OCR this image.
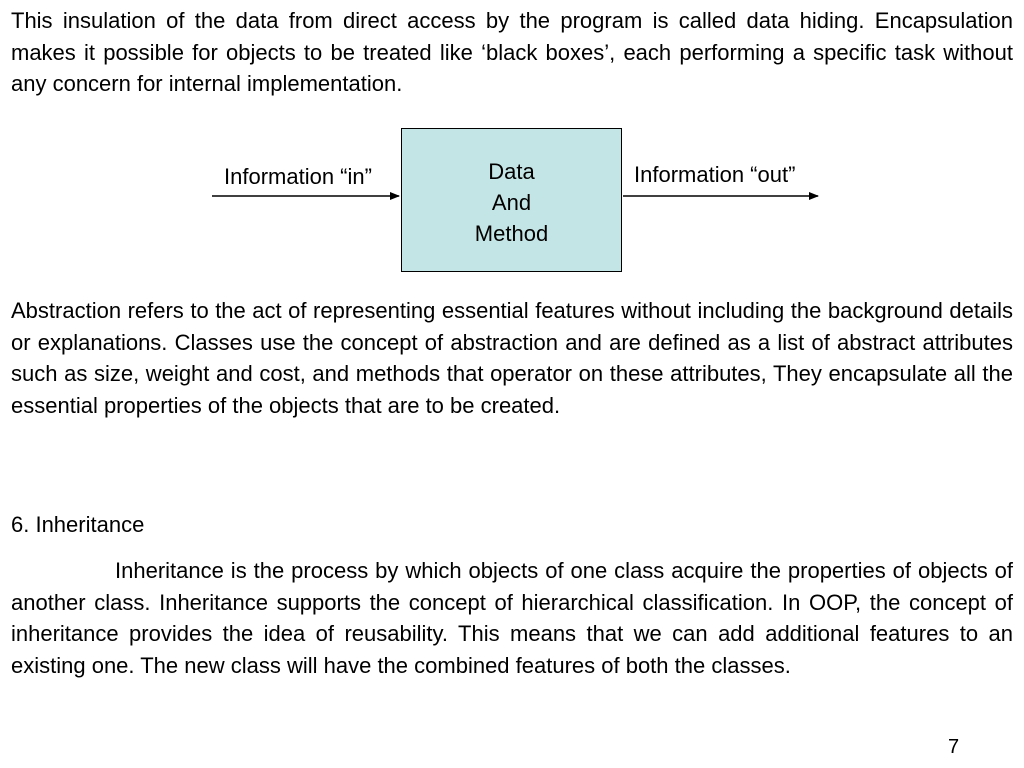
This insulation of the data from direct access by the program is called data hiding. Encapsulation makes it possible for objects to be treated like ‘black boxes’, each performing a specific task without any concern for internal implementation.

Information “in”	Information “out”
Data
And
Method

Abstraction refers to the act of representing essential features without including the background details or explanations. Classes use the concept of abstraction and are defined as a list of abstract attributes such as size, weight and cost, and methods that operator on these attributes, They encapsulate all the essential properties of the objects that are to be created.

6. Inheritance

Inheritance is the process by which objects of one class acquire the properties of objects of another class. Inheritance supports the concept of hierarchical classification. In OOP, the concept of inheritance provides the idea of reusability. This means that we can add additional features to an existing one. The new class will have the combined features of both the classes.

7
